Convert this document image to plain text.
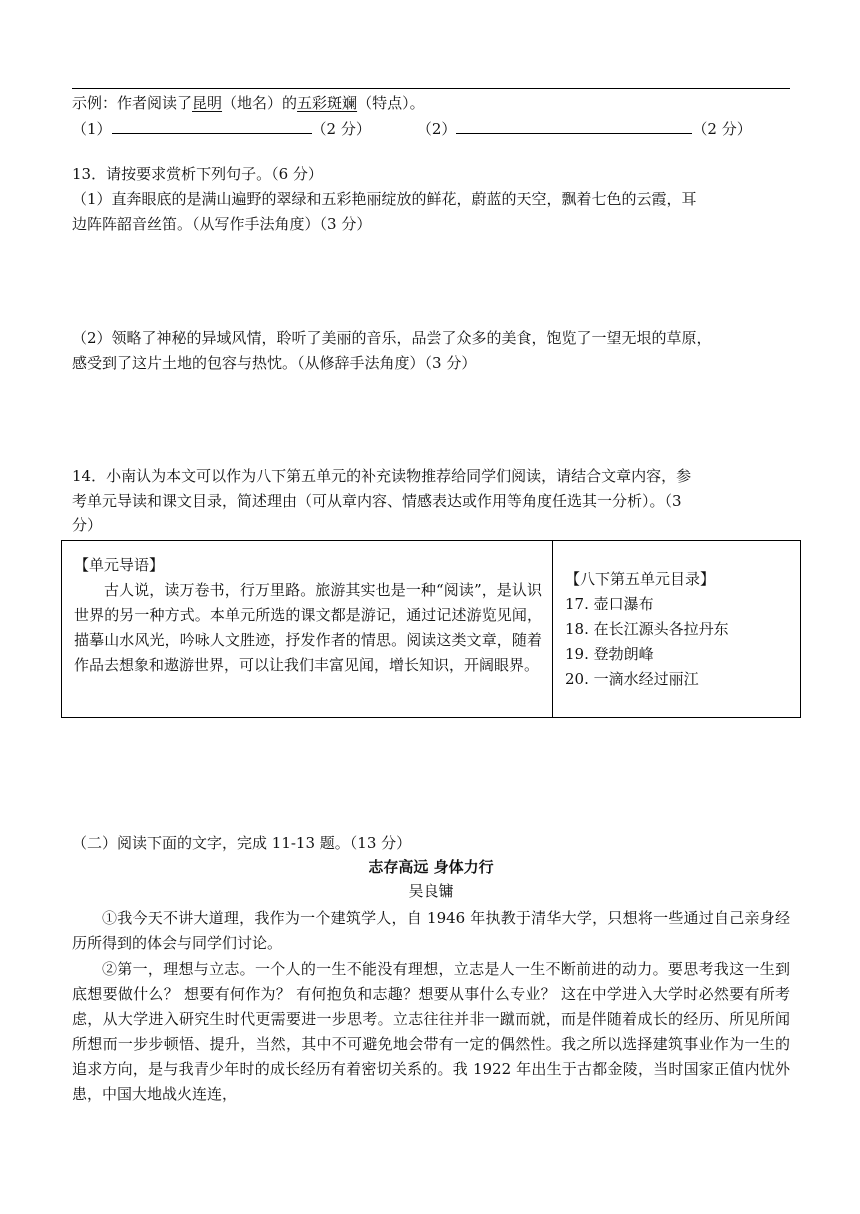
示例：作者阅读了昆明（地名）的五彩斑斓（特点）。
（1）	（2 分）	（2）	（2 分）
13．请按要求赏析下列句子。（6 分）
（1）直奔眼底的是满山遍野的翠绿和五彩艳丽绽放的鲜花，蔚蓝的天空，飘着七色的云霞，耳
边阵阵韶音丝笛。（从写作手法角度）（3 分）
（2）领略了神秘的异域风情，聆听了美丽的音乐，品尝了众多的美食，饱览了一望无垠的草原，
感受到了这片土地的包容与热忱。（从修辞手法角度）（3 分）
14．小南认为本文可以作为八下第五单元的补充读物推荐给同学们阅读，请结合文章内容，参
考单元导读和课文目录，简述理由（可从章内容、情感表达或作用等角度任选其一分析）。（3
分）
【单元导语】
古人说，读万卷书，行万里路。旅游其实也是一种“阅读”，是认识世界的另一种方式。本单元所选的课文都是游记，通过记述游览见闻，描摹山水风光，吟咏人文胜迹，抒发作者的情思。阅读这类文章，随着作品去想象和遨游世界，可以让我们丰富见闻，增长知识，开阔眼界。

【八下第五单元目录】
17. 壶口瀑布
18. 在长江源头各拉丹东
19. 登勃朗峰
20. 一滴水经过丽江
（二）阅读下面的文字，完成 11-13 题。（13 分）
志存高远 身体力行
吴良镛
①我今天不讲大道理，我作为一个建筑学人，自 1946 年执教于清华大学，只想将一些通过自己亲身经历所得到的体会与同学们讨论。
②第一，理想与立志。一个人的一生不能没有理想，立志是人一生不断前进的动力。要思考我这一生到底想要做什么？ 想要有何作为？ 有何抱负和志趣？想要从事什么专业？ 这在中学进入大学时必然要有所考虑，从大学进入研究生时代更需要进一步思考。立志往往并非一蹴而就，而是伴随着成长的经历、所见所闻所想而一步步顿悟、提升，当然，其中不可避免地会带有一定的偶然性。我之所以选择建筑事业作为一生的追求方向，是与我青少年时的成长经历有着密切关系的。我 1922 年出生于古都金陵，当时国家正值内忧外患，中国大地战火连连，
